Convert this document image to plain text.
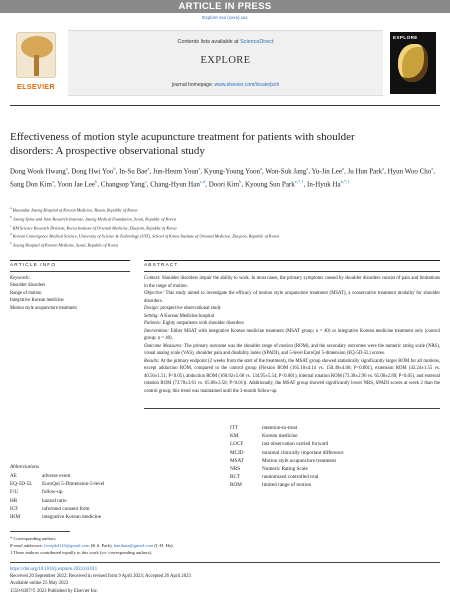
ARTICLE IN PRESS
Explore xxx (xxxx) xxx
ELSEVIER
Contents lists available at ScienceDirect
EXPLORE
journal homepage: www.elsevier.com/locate/jsch
EXPLORE
Effectiveness of motion style acupuncture treatment for patients with shoulder disorders: A prospective observational study
Dong Wook Hwang$^a$, Dong Hwi Yoo$^b$, In-Su Bae$^a$, Jun-Heum Youn$^a$, Kyung-Young Yoon$^a$, Won-Suk Jang$^a$, Yu-Jin Lee$^a$, Ju Hun Park$^a$, Hyun Woo Cho$^a$, Sang Don Kim$^a$, Yoon Jae Lee$^b$, Changsop Yang$^c$, Chang-Hyun Han$^{c,d}$, Doori Kim$^b$, Kyoung Sun Park$^{e,*,1}$, In-Hyuk $Ha^{b,*,1}$
$^a$ Haeundae Jaseng Hospital of Korean Medicine, Busan, Republic of Korea
$^b$ Jaseng Spine and Joint Research Institute, Jaseng Medical Foundation, Seoul, Republic of Korea
$^c$ KM Science Research Division, Korea Institute of Oriental Medicine, Daejeon, Republic of Korea
$^d$ Korean Convergence Medical Science, University of Science & Technology (UST), School of Korea Institute of Oriental Medicine, Daejeon, Republic of Korea
$^e$ Jaseng Hospital of Korean Medicine, Seoul, Republic of Korea
ARTICLE INFO
Keywords:
Shoulder disorders
Range of motion
Integrative Korean medicine
Motion style acupuncture treatment
ABSTRACT
Context: Shoulder disorders impair the ability to work. In most cases, the primary symptoms caused by shoulder disorders consist of pain and limitations in the range of motion.
Objective: This study aimed to investigate the efficacy of motion style acupuncture treatment (MSAT), a conservative treatment modality for shoulder disorders.
Design: prospective observational study
Setting: A Korean Medicine hospital
Patients: Eighty outpatients with shoulder disorders
Intervention: Either MSAT with integrative Korean medicine treatment (MSAT group; n = 40) or integrative Korean medicine treatment only (control group; n = 40).
Outcome Measures: The primary outcome was the shoulder range of motion (ROM), and the secondary outcomes were the numeric rating scale (NRS), visual analog scale (VAS), shoulder pain and disability index (SPADI), and 5-level EuroQol 5-dimension (EQ-5D-5L) scores.
Results: At the primary endpoint (2 weeks from the start of the treatment), the MSAT group showed statistically significantly larger ROM for all motions, except adduction ROM, compared to the control group (Flexion ROM (165.10±4.14 vs. 150.49±4.06; P<0.001), extension ROM (43.24±1.55 vs. 40.56±1.51; P<0.05), abduction ROM (160.92±5.68 vs. 134.95±5.54; P<0.001), internal rotation ROM (73.38±2.96 vs. 65.00±2.89; P<0.05), and external rotation ROM (73.78±3.61 vs. 65.88±3.50; P<0.01)). Additionally, the MSAT group showed significantly lower NRS, SPADI scores at week 2 than the control group; this trend was maintained until the 3-month follow-up.
ITT	intention-to-treat
KM	Korean medicine
LOCF	last observation carried forward
MCID	minimal clinically important difference
MSAT	Motion style acupuncture treatment
NRS	Numeric Rating Scale
RCT	randomized controlled trial
ROM	limited range of motion
Abbreviations
AE	adverse event
EQ-5D-5L	EuroQol 5-Dimension-5-level
F/U	follow-up
HR	hazard ratio
ICF	informed consent form
IKM	integrative Korean medicine
* Corresponding authors.
E-mail addresses: lovepkd116@gmail.com (K.S. Park), hanihata@gmail.com (I.-H. Ha).
1 These authors contributed equally to this work (co- corresponding authors).
https://doi.org/10.1016/j.explore.2023.04.011
Received 20 September 2022; Received in revised form 9 April 2023; Accepted 26 April 2023
Available online 25 May 2023
1550-8307/© 2023 Published by Elsevier Inc.
